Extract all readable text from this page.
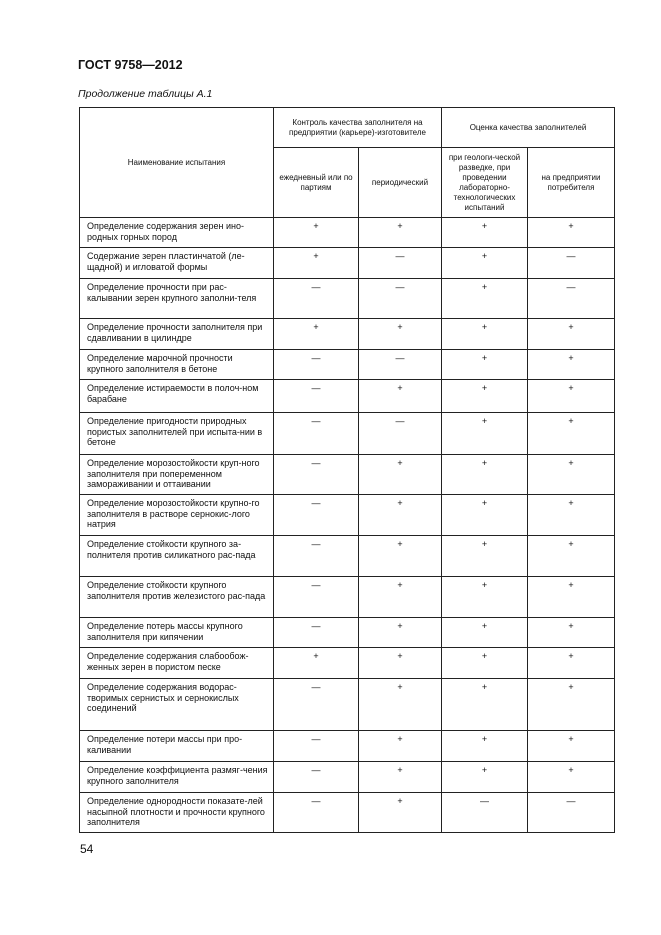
ГОСТ 9758—2012
Продолжение таблицы А.1
Наименование испытания	Контроль качества заполнителя на предприятии (карьере)-изготовителе		Оценка качества заполнителей	
	ежедневный или по партиям	периодический	при геологи-ческой разведке, при проведении лабораторно-технологических испытаний	на предприятии потребителя
Определение содержания зерен ино-родных горных пород	+	+	+	+
Содержание зерен пластинчатой (ле-щадной) и игловатой формы	+	—	+	—
Определение прочности при рас-калывании зерен крупного заполни-теля	—	—	+	—
Определение прочности заполнителя при сдавливании в цилиндре	+	+	+	+
Определение марочной прочности крупного заполнителя в бетоне	—	—	+	+
Определение истираемости в полоч-ном барабане	—	+	+	+
Определение пригодности природных пористых заполнителей при испыта-нии в бетоне	—	—	+	+
Определение морозостойкости круп-ного заполнителя при попеременном замораживании и оттаивании	—	+	+	+
Определение морозостойкости крупно-го заполнителя в растворе сернокис-лого натрия	—	+	+	+
Определение стойкости крупного за-полнителя против силикатного рас-пада	—	+	+	+
Определение стойкости крупного заполнителя против железистого рас-пада	—	+	+	+
Определение потерь массы крупного заполнителя при кипячении	—	+	+	+
Определение содержания слабообож-женных зерен в пористом песке	+	+	+	+
Определение содержания водорас-творимых сернистых и сернокислых соединений	—	+	+	+
Определение потери массы при про-каливании	—	+	+	+
Определение коэффициента размяг-чения крупного заполнителя	—	+	+	+
Определение однородности показате-лей насыпной плотности и прочности крупного заполнителя	—	+	—	—
54
